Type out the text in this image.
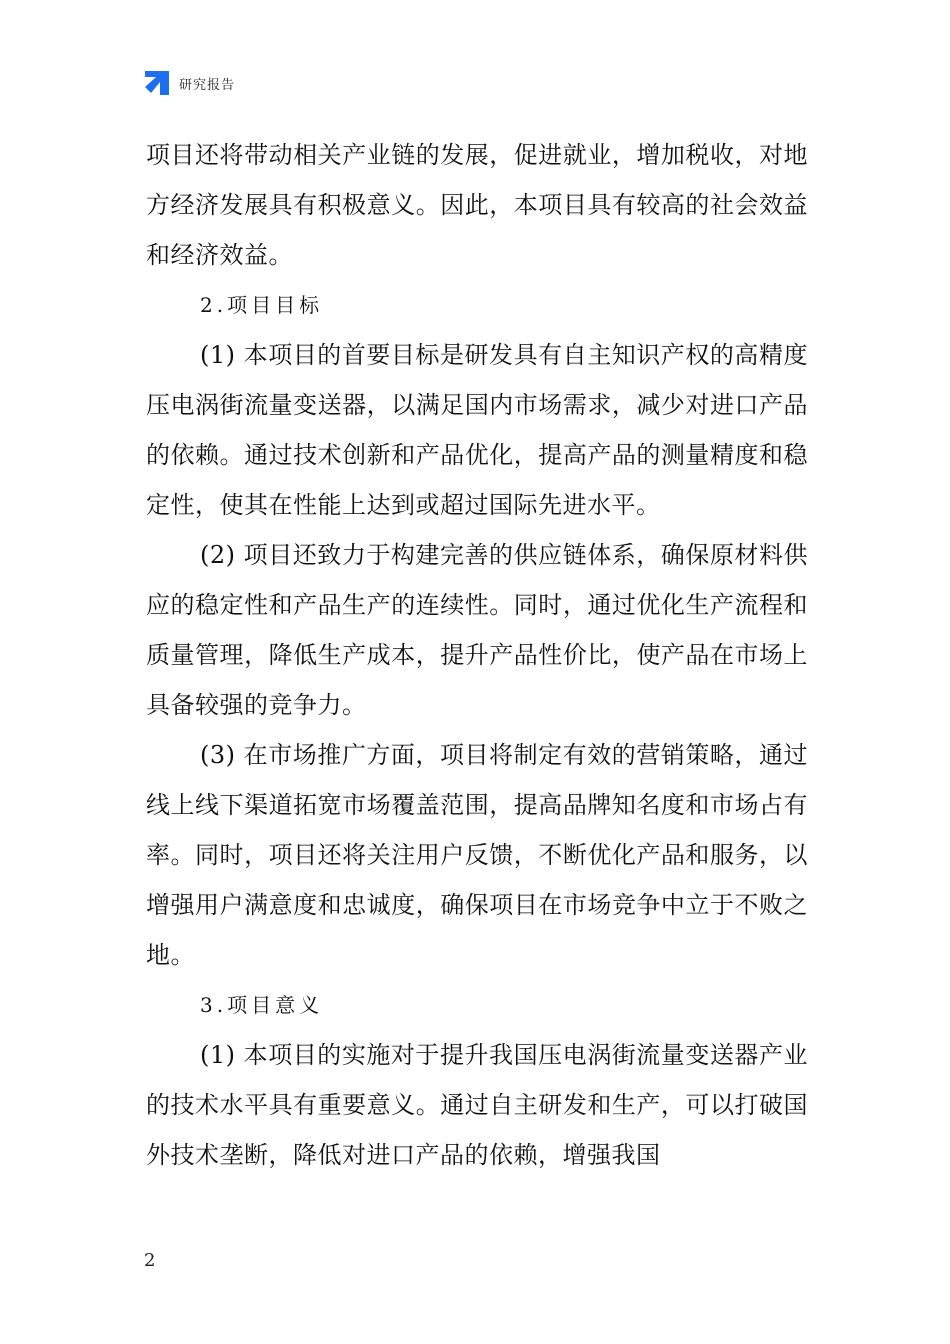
研究报告

项目还将带动相关产业链的发展，促进就业，增加税收，对地方经济发展具有积极意义。因此，本项目具有较高的社会效益和经济效益。

2.项目目标

(1) 本项目的首要目标是研发具有自主知识产权的高精度压电涡街流量变送器，以满足国内市场需求，减少对进口产品的依赖。通过技术创新和产品优化，提高产品的测量精度和稳定性，使其在性能上达到或超过国际先进水平。

(2) 项目还致力于构建完善的供应链体系，确保原材料供应的稳定性和产品生产的连续性。同时，通过优化生产流程和质量管理，降低生产成本，提升产品性价比，使产品在市场上具备较强的竞争力。

(3) 在市场推广方面，项目将制定有效的营销策略，通过线上线下渠道拓宽市场覆盖范围，提高品牌知名度和市场占有率。同时，项目还将关注用户反馈，不断优化产品和服务，以增强用户满意度和忠诚度，确保项目在市场竞争中立于不败之地。

3.项目意义

(1) 本项目的实施对于提升我国压电涡街流量变送器产业的技术水平具有重要意义。通过自主研发和生产，可以打破国外技术垄断，降低对进口产品的依赖，增强我国

2
